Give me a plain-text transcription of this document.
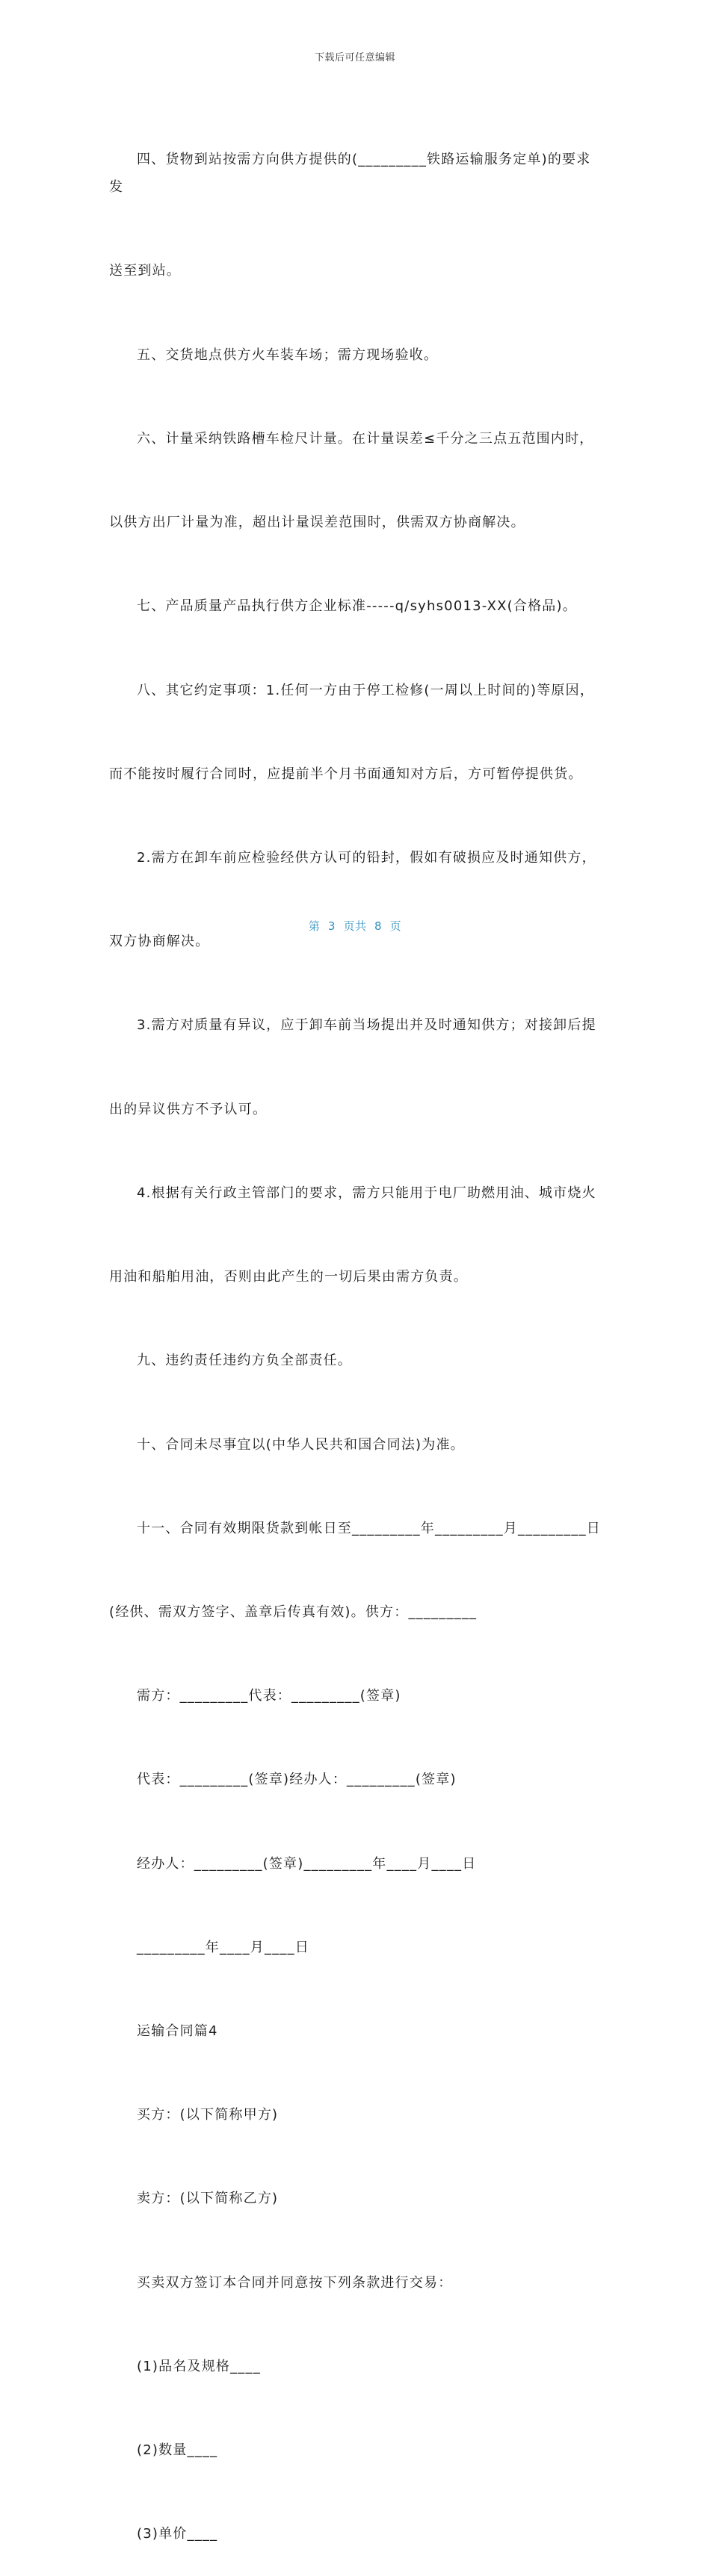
下载后可任意编辑

四、货物到站按需方向供方提供的(_________铁路运输服务定单)的要求发

送至到站。

五、交货地点供方火车装车场；需方现场验收。

六、计量采纳铁路槽车检尺计量。在计量误差≤千分之三点五范围内时，

以供方出厂计量为准，超出计量误差范围时，供需双方协商解决。

七、产品质量产品执行供方企业标准-----q/syhs0013-XX(合格品)。

八、其它约定事项：1.任何一方由于停工检修(一周以上时间的)等原因，

而不能按时履行合同时，应提前半个月书面通知对方后，方可暂停提供货。

2.需方在卸车前应检验经供方认可的铅封，假如有破损应及时通知供方，

双方协商解决。

3.需方对质量有异议，应于卸车前当场提出并及时通知供方；对接卸后提

出的异议供方不予认可。

4.根据有关行政主管部门的要求，需方只能用于电厂助燃用油、城市烧火

用油和船舶用油，否则由此产生的一切后果由需方负责。

九、违约责任违约方负全部责任。

十、合同未尽事宜以(中华人民共和国合同法)为准。

十一、合同有效期限货款到帐日至_________年_________月_________日

(经供、需双方签字、盖章后传真有效)。供方：_________

需方：_________代表：_________(签章)

代表：_________(签章)经办人：_________(签章)

经办人：_________(签章)_________年____月____日

_________年____月____日

运输合同篇4

买方：(以下简称甲方)

卖方：(以下简称乙方)

买卖双方签订本合同并同意按下列条款进行交易：

(1)品名及规格____

(2)数量____

(3)单价____

第  3  页共  8  页
